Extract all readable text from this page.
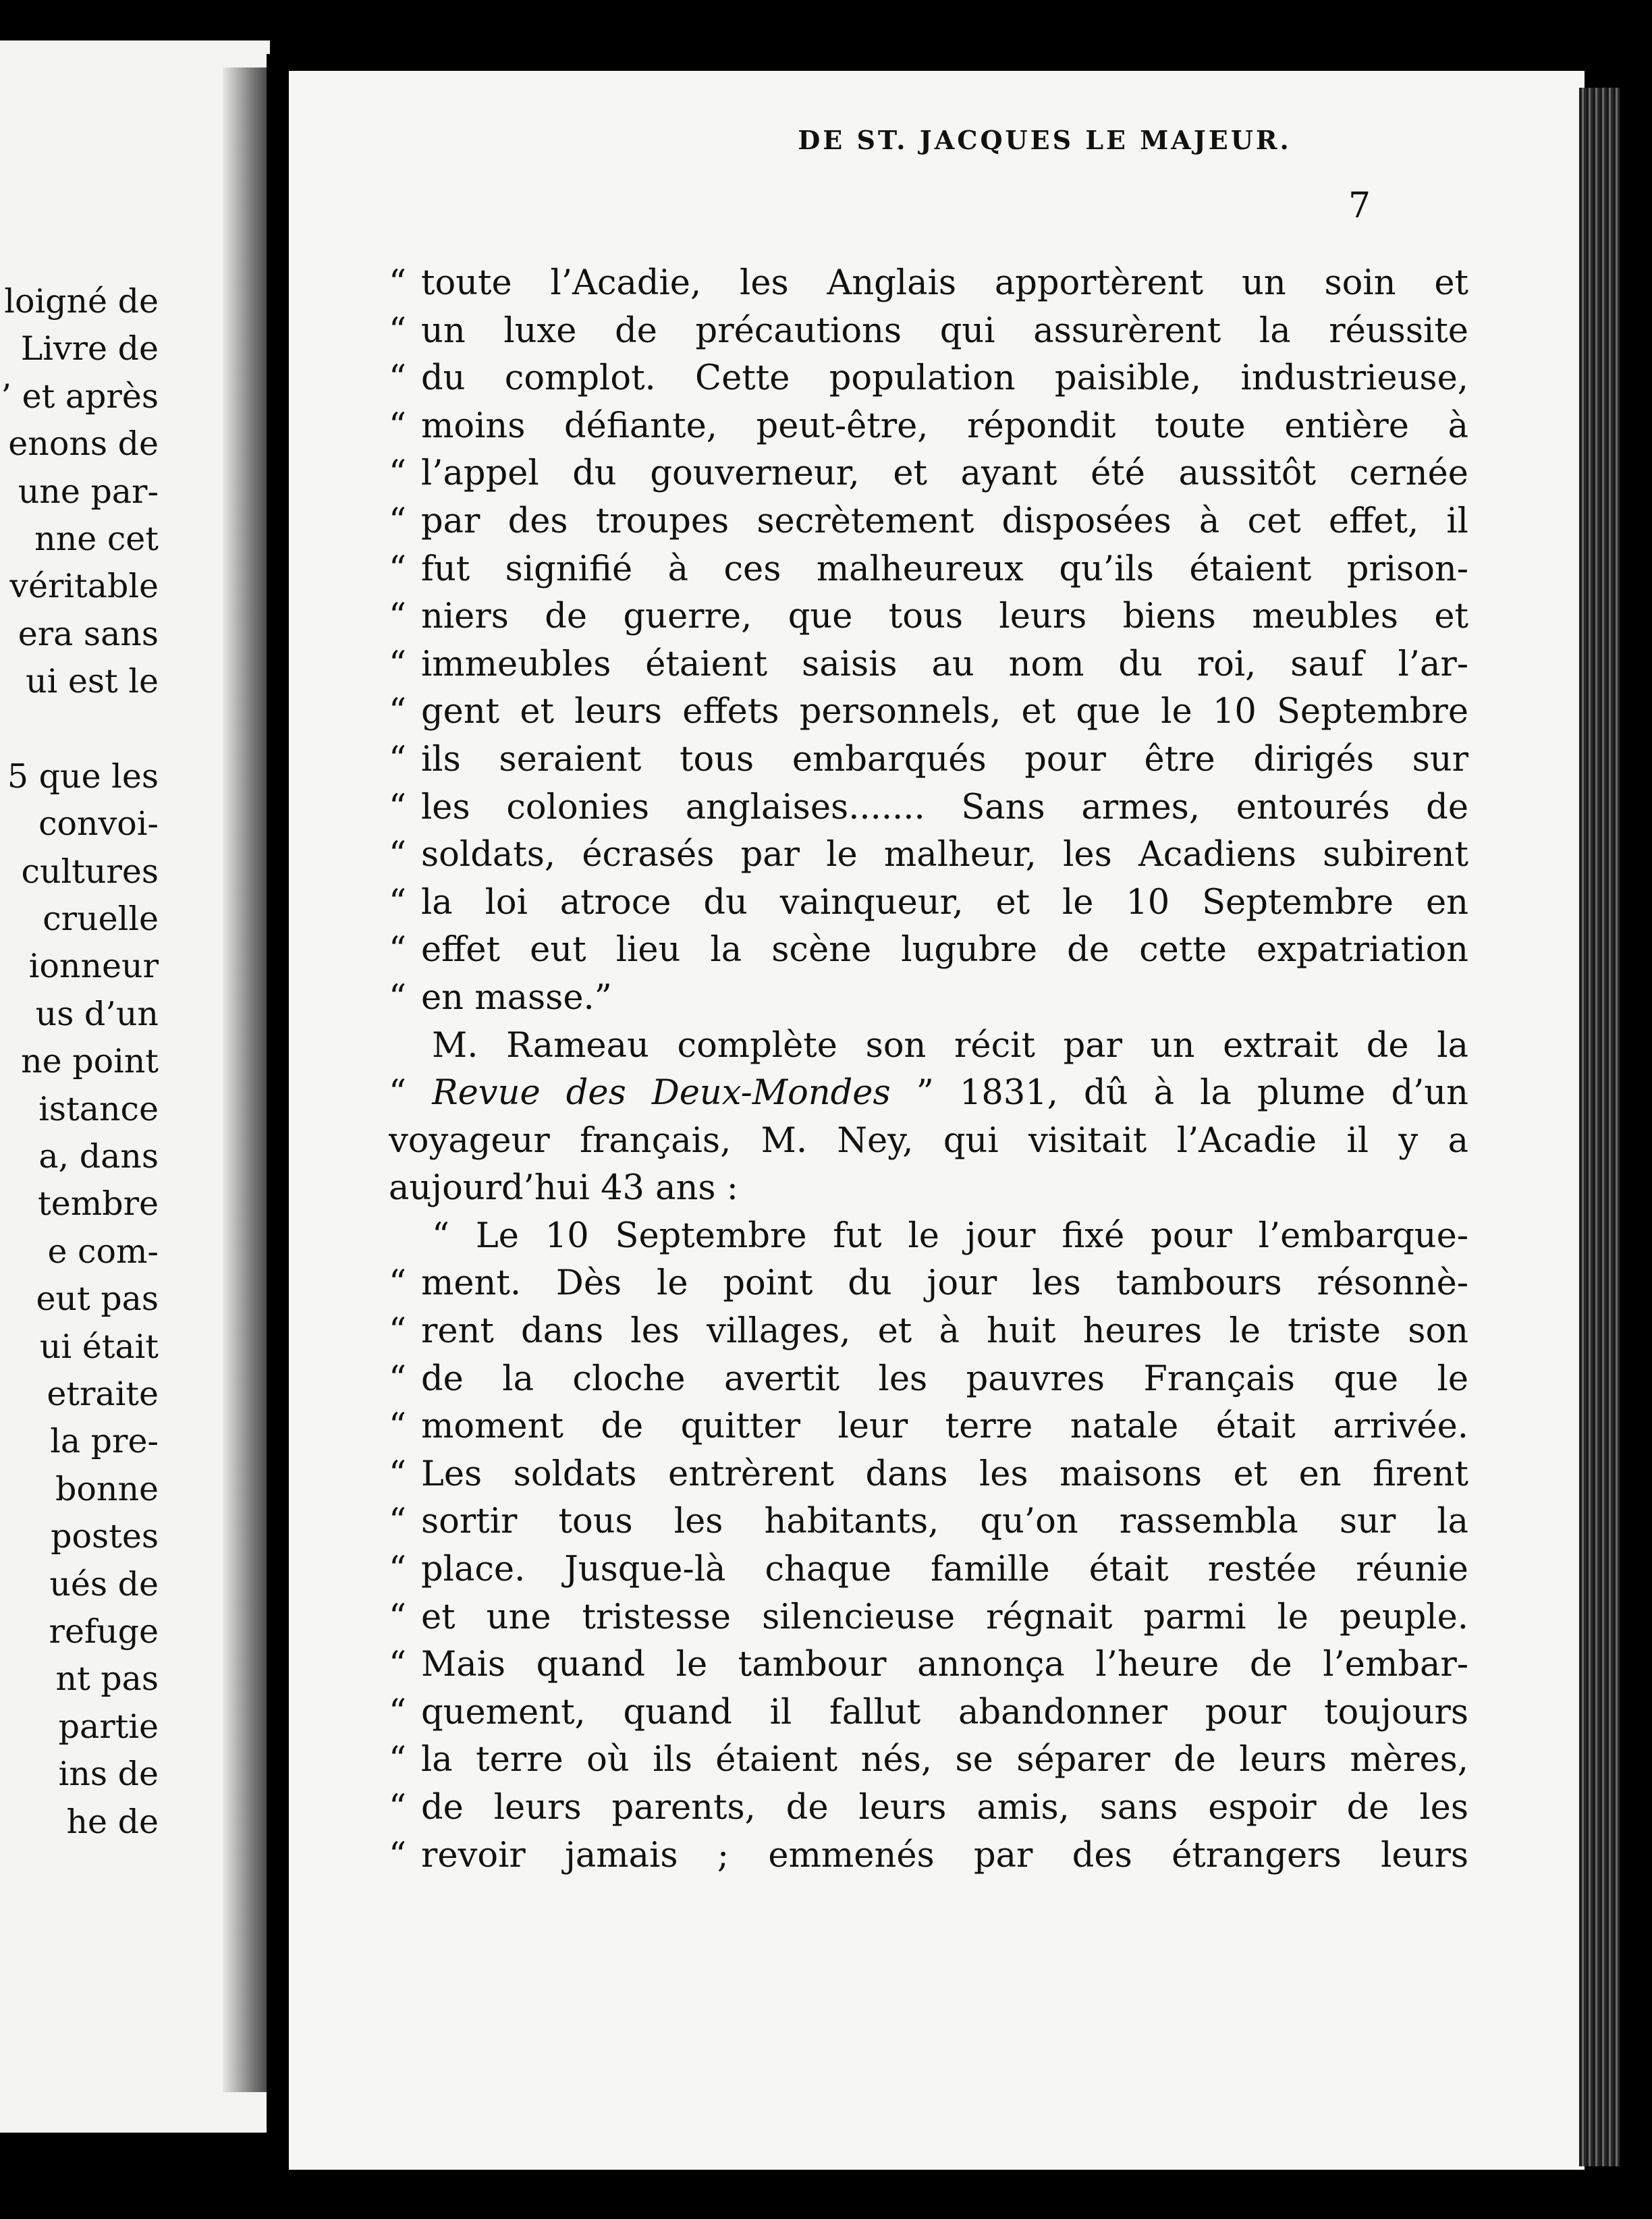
loigné de
Livre de
’ et après
enons de
une par-
nne cet
véritable
era sans
ui est le
5 que les
convoi-
cultures
cruelle
ionneur
us d’un
ne point
istance
a, dans
tembre
e com-
eut pas
ui était
etraite
la pre-
bonne
postes
ués de
refuge
nt pas
partie
ins de
he de
DE ST. JACQUES LE MAJEUR.
7
“ toute l’Acadie, les Anglais apportèrent un soin et
“ un luxe de précautions qui assurèrent la réussite
“ du complot. Cette population paisible, industrieuse,
“ moins défiante, peut-être, répondit toute entière à
“ l’appel du gouverneur, et ayant été aussitôt cernée
“ par des troupes secrètement disposées à cet effet, il
“ fut signifié à ces malheureux qu’ils étaient prison-
“ niers de guerre, que tous leurs biens meubles et
“ immeubles étaient saisis au nom du roi, sauf l’ar-
“ gent et leurs effets personnels, et que le 10 Septembre
“ ils seraient tous embarqués pour être dirigés sur
“ les colonies anglaises....... Sans armes, entourés de
“ soldats, écrasés par le malheur, les Acadiens subirent
“ la loi atroce du vainqueur, et le 10 Septembre en
“ effet eut lieu la scène lugubre de cette expatriation
“ en masse.”
M. Rameau complète son récit par un extrait de la
“ Revue des Deux-Mondes ” 1831, dû à la plume d’un
voyageur français, M. Ney, qui visitait l’Acadie il y a
aujourd’hui 43 ans :
“ Le 10 Septembre fut le jour fixé pour l’embarque-
“ ment. Dès le point du jour les tambours résonnè-
“ rent dans les villages, et à huit heures le triste son
“ de la cloche avertit les pauvres Français que le
“ moment de quitter leur terre natale était arrivée.
“ Les soldats entrèrent dans les maisons et en firent
“ sortir tous les habitants, qu’on rassembla sur la
“ place. Jusque-là chaque famille était restée réunie
“ et une tristesse silencieuse régnait parmi le peuple.
“ Mais quand le tambour annonça l’heure de l’embar-
“ quement, quand il fallut abandonner pour toujours
“ la terre où ils étaient nés, se séparer de leurs mères,
“ de leurs parents, de leurs amis, sans espoir de les
“ revoir jamais ; emmenés par des étrangers leurs
